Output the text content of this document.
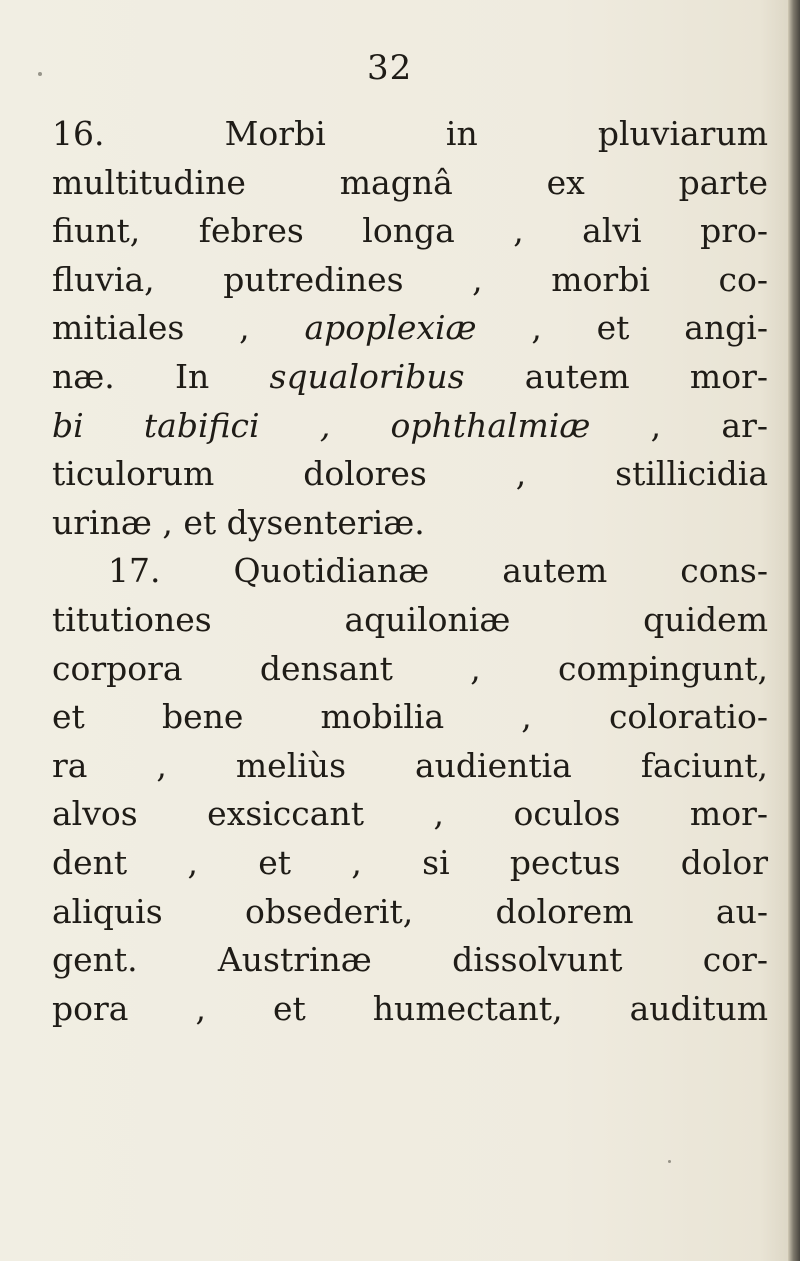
32
16. Morbi in pluviarum
multitudine magnâ ex parte
fiunt, febres longa , alvi pro-
fluvia, putredines , morbi co-
mitiales , apoplexiæ , et angi-
næ. In squaloribus autem mor-
bi tabifici , ophthalmiæ , ar-
ticulorum dolores , stillicidia
urinæ , et dysenteriæ.
17. Quotidianæ autem cons-
titutiones aquiloniæ quidem
corpora densant , compingunt,
et bene mobilia , coloratio-
ra , meliùs audientia faciunt,
alvos exsiccant , oculos mor-
dent , et , si pectus dolor
aliquis obsederit, dolorem au-
gent. Austrinæ dissolvunt cor-
pora , et humectant, auditum
